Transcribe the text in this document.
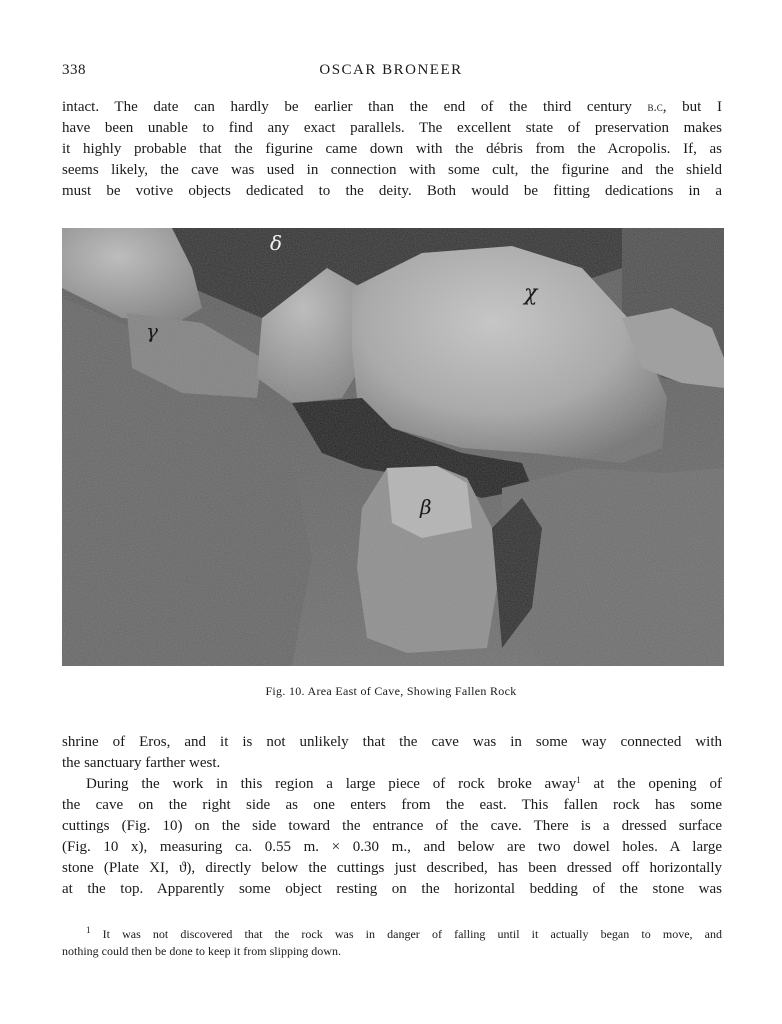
338	OSCAR BRONEER
intact. The date can hardly be earlier than the end of the third century b.c, but I
have been unable to find any exact parallels. The excellent state of preservation makes
it highly probable that the figurine came down with the débris from the Acropolis. If, as
seems likely, the cave was used in connection with some cult, the figurine and the shield
must be votive objects dedicated to the deity. Both would be fitting dedications in a
δ
χ
γ
β
Fig. 10. Area East of Cave, Showing Fallen Rock
shrine of Eros, and it is not unlikely that the cave was in some way connected with
the sanctuary farther west.
During the work in this region a large piece of rock broke away$^1$ at the opening of
the cave on the right side as one enters from the east. This fallen rock has some
cuttings (Fig. 10) on the side toward the entrance of the cave. There is a dressed surface
(Fig. 10 x), measuring ca. 0.55 m. × 0.30 m., and below are two dowel holes. A large
stone (Plate XI, ϑ), directly below the cuttings just described, has been dressed off horizontally
at the top. Apparently some object resting on the horizontal bedding of the stone was
$^1$ It was not discovered that the rock was in danger of falling until it actually began to move, and
nothing could then be done to keep it from slipping down.
